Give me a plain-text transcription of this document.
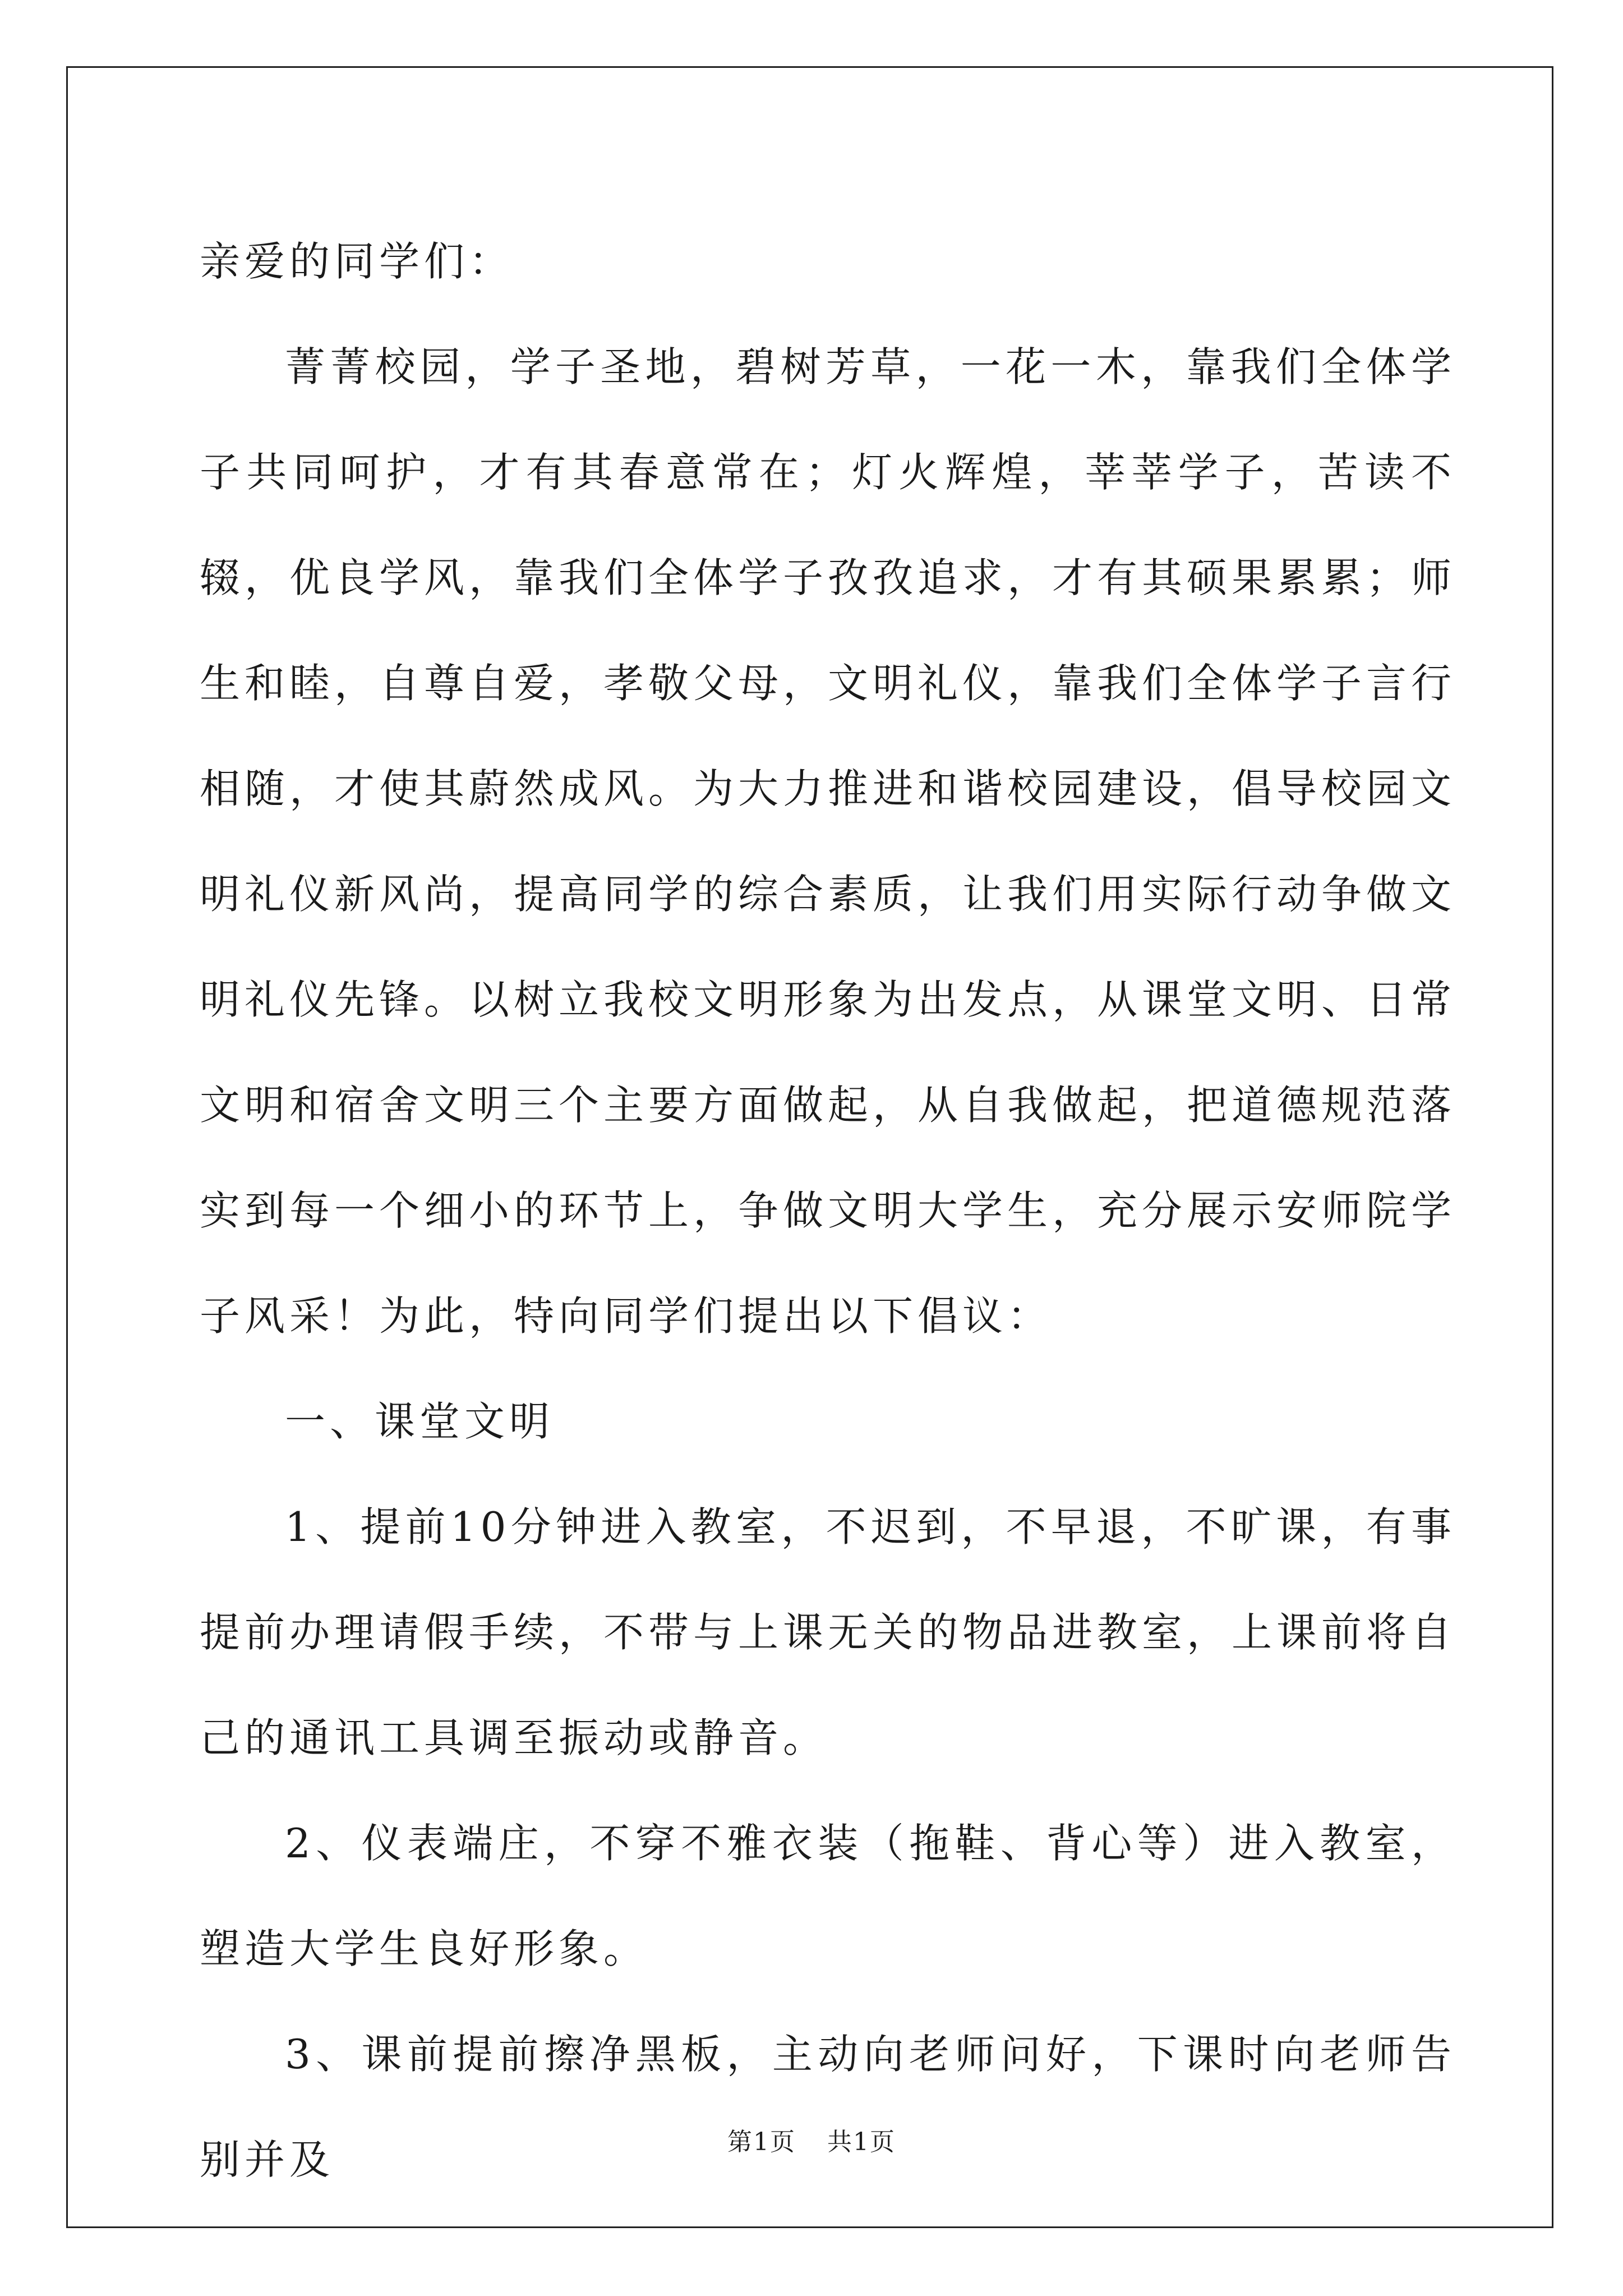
亲爱的同学们：

菁菁校园，学子圣地，碧树芳草，一花一木，靠我们全体学子共同呵护，才有其春意常在；灯火辉煌，莘莘学子，苦读不辍，优良学风，靠我们全体学子孜孜追求，才有其硕果累累；师生和睦，自尊自爱，孝敬父母，文明礼仪，靠我们全体学子言行相随，才使其蔚然成风。为大力推进和谐校园建设，倡导校园文明礼仪新风尚，提高同学的综合素质，让我们用实际行动争做文明礼仪先锋。以树立我校文明形象为出发点，从课堂文明、日常文明和宿舍文明三个主要方面做起，从自我做起，把道德规范落实到每一个细小的环节上，争做文明大学生，充分展示安师院学子风采！为此，特向同学们提出以下倡议：

一、课堂文明

1、提前10分钟进入教室，不迟到，不早退，不旷课，有事提前办理请假手续，不带与上课无关的物品进教室，上课前将自己的通讯工具调至振动或静音。

2、仪表端庄，不穿不雅衣装（拖鞋、背心等）进入教室，塑造大学生良好形象。

3、课前提前擦净黑板，主动向老师问好，下课时向老师告别并及	第1页 共1页
